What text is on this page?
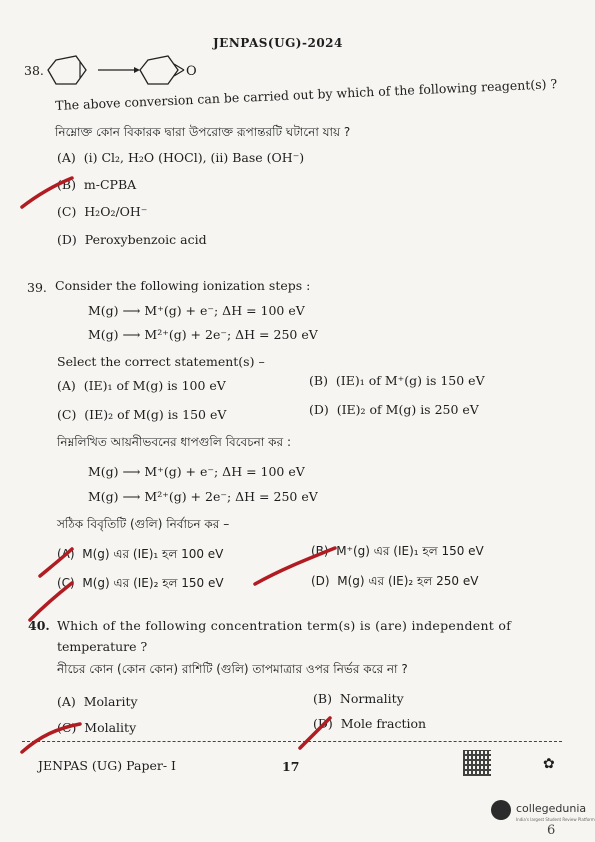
JENPAS(UG)-2024
38.	O
The above conversion can be carried out by which of the following reagent(s) ?
নিম্নোক্ত কোন বিকারক দ্বারা উপরোক্ত রূপান্তরটি ঘটানো যায় ?
(A) (i) Cl₂, H₂O (HOCl), (ii) Base (OH⁻)
(B) m-CPBA
(C) H₂O₂/OH⁻
(D) Peroxybenzoic acid
39. Consider the following ionization steps :
M(g) ⟶ M⁺(g) + e⁻; ΔH = 100 eV
M(g) ⟶ M²⁺(g) + 2e⁻; ΔH = 250 eV
Select the correct statement(s) –
(A) (IE)₁ of M(g) is 100 eV	(B) (IE)₁ of M⁺(g) is 150 eV
(C) (IE)₂ of M(g) is 150 eV	(D) (IE)₂ of M(g) is 250 eV
নিম্নলিখিত আয়নীভবনের ধাপগুলি বিবেচনা কর :
M(g) ⟶ M⁺(g) + e⁻; ΔH = 100 eV
M(g) ⟶ M²⁺(g) + 2e⁻; ΔH = 250 eV
সঠিক বিবৃতিটি (গুলি) নির্বাচন কর –
(A) M(g) এর (IE)₁ হল 100 eV	(B) M⁺(g) এর (IE)₁ হল 150 eV
(C) M(g) এর (IE)₂ হল 150 eV	(D) M(g) এর (IE)₂ হল 250 eV
40. Which of the following concentration term(s) is (are) independent of
temperature ?
নীচের কোন (কোন কোন) রাশিটি (গুলি) তাপমাত্রার ওপর নির্ভর করে না ?
(A) Molarity	(B) Normality
(C) Molality	(D) Mole fraction
JENPAS (UG) Paper- I	17	✿
collegedunia
India's largest Student Review Platform
6
